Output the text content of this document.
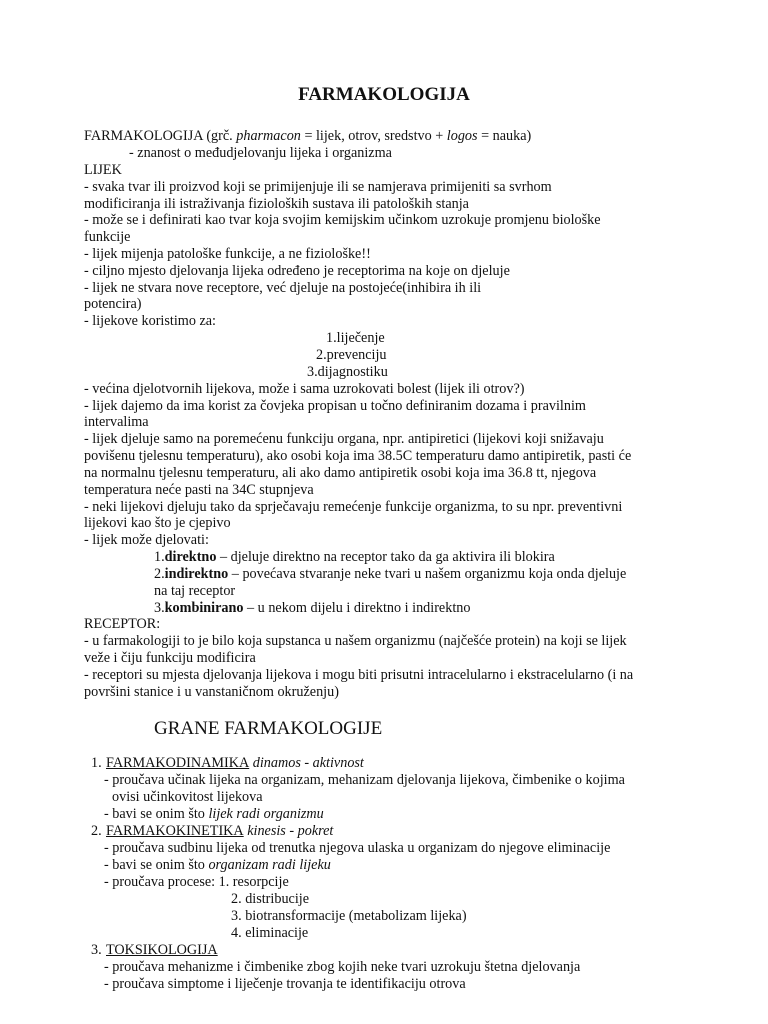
FARMAKOLOGIJA
FARMAKOLOGIJA (grč. pharmacon = lijek, otrov, sredstvo + logos = nauka)
- znanost o međudjelovanju lijeka i organizma
LIJEK
- svaka tvar ili proizvod koji se primijenjuje ili se namjerava primijeniti sa svrhom
modificiranja ili istraživanja fizioloških sustava ili patoloških stanja
- može se i definirati kao tvar koja svojim kemijskim učinkom uzrokuje promjenu biološke
funkcije
- lijek mijenja patološke funkcije, a ne fiziološke!!
- ciljno mjesto djelovanja lijeka određeno je receptorima na koje on djeluje
- lijek ne stvara nove receptore, već djeluje na postojeće(inhibira ih ili
potencira)
- lijekove koristimo za:
1.liječenje
2.prevenciju
3.dijagnostiku
- većina djelotvornih lijekova, može i sama uzrokovati bolest (lijek ili otrov?)
- lijek dajemo da ima korist za čovjeka propisan u točno definiranim dozama i pravilnim
intervalima
- lijek djeluje samo na poremećenu funkciju organa, npr. antipiretici (lijekovi koji snižavaju
povišenu tjelesnu temperaturu), ako osobi koja ima 38.5C temperaturu damo antipiretik, pasti će
na normalnu tjelesnu temperaturu, ali ako damo antipiretik osobi koja ima 36.8 tt, njegova
temperatura neće pasti na 34C stupnjeva
- neki lijekovi djeluju tako da sprječavaju remećenje funkcije organizma, to su npr. preventivni
lijekovi kao što je cjepivo
- lijek može djelovati:
1.direktno – djeluje direktno na receptor tako da ga aktivira ili blokira
2.indirektno – povećava stvaranje neke tvari u našem organizmu koja onda djeluje
na taj receptor
3.kombinirano – u nekom dijelu i direktno i indirektno
RECEPTOR:
- u farmakologiji to je bilo koja supstanca u našem organizmu (najčešće protein) na koji se lijek
veže i čiju funkciju modificira
- receptori su mjesta djelovanja lijekova i mogu biti prisutni intracelularno i ekstracelularno (i na
površini stanice i u vanstaničnom okruženju)
GRANE FARMAKOLOGIJE
1. FARMAKODINAMIKA dinamos - aktivnost
- proučava učinak lijeka na organizam, mehanizam djelovanja lijekova, čimbenike o kojima
ovisi učinkovitost lijekova
- bavi se onim što lijek radi organizmu
2. FARMAKOKINETIKA kinesis - pokret
- proučava sudbinu lijeka od trenutka njegova ulaska u organizam do njegove eliminacije
- bavi se onim što organizam radi lijeku
- proučava procese: 1. resorpcije
2. distribucije
3. biotransformacije (metabolizam lijeka)
4. eliminacije
3. TOKSIKOLOGIJA
- proučava mehanizme i čimbenike zbog kojih neke tvari uzrokuju štetna djelovanja
- proučava simptome i liječenje trovanja te identifikaciju otrova
